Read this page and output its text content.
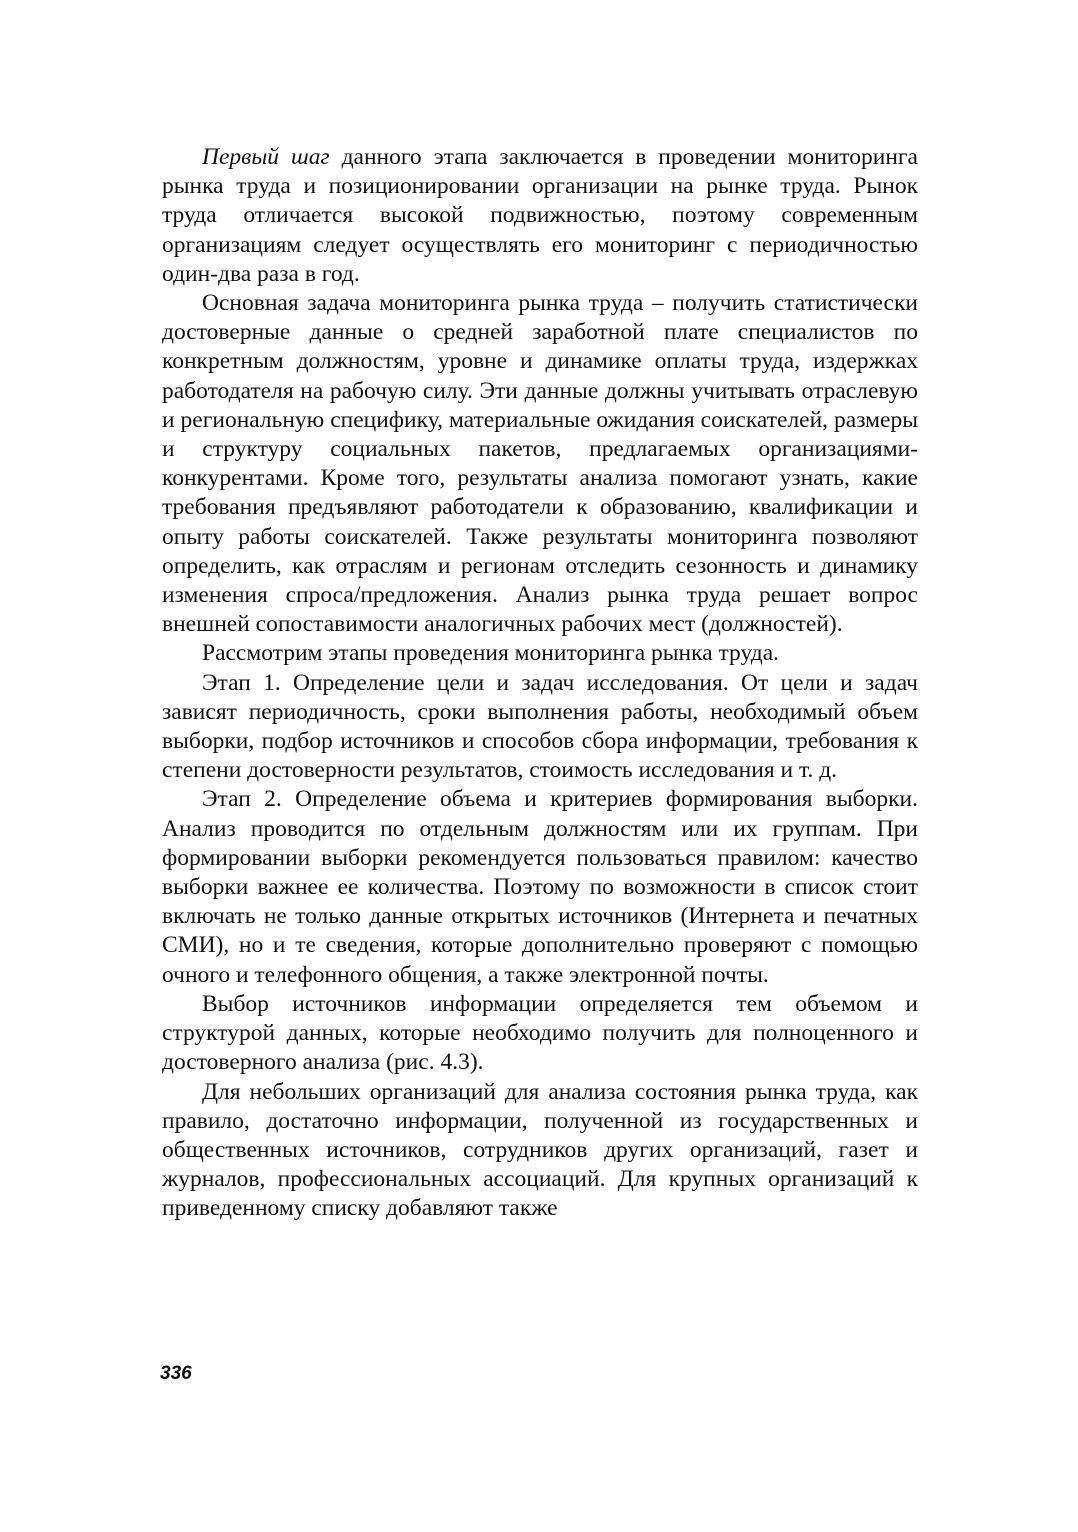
Первый шаг данного этапа заключается в проведении мониторинга рынка труда и позиционировании организации на рынке труда. Рынок труда отличается высокой подвижностью, поэтому современным организациям следует осуществлять его мониторинг с периодичностью один-два раза в год.

Основная задача мониторинга рынка труда – получить статистически достоверные данные о средней заработной плате специалистов по конкретным должностям, уровне и динамике оплаты труда, издержках работодателя на рабочую силу. Эти данные должны учитывать отраслевую и региональную специфику, материальные ожидания соискателей, размеры и структуру социальных пакетов, предлагаемых организациями-конкурентами. Кроме того, результаты анализа помогают узнать, какие требования предъявляют работодатели к образованию, квалификации и опыту работы соискателей. Также результаты мониторинга позволяют определить, как отраслям и регионам отследить сезонность и динамику изменения спроса/предложения. Анализ рынка труда решает вопрос внешней сопоставимости аналогичных рабочих мест (должностей).

Рассмотрим этапы проведения мониторинга рынка труда.

Этап 1. Определение цели и задач исследования. От цели и задач зависят периодичность, сроки выполнения работы, необходимый объем выборки, подбор источников и способов сбора информации, требования к степени достоверности результатов, стоимость исследования и т. д.

Этап 2. Определение объема и критериев формирования выборки. Анализ проводится по отдельным должностям или их группам. При формировании выборки рекомендуется пользоваться правилом: качество выборки важнее ее количества. Поэтому по возможности в список стоит включать не только данные открытых источников (Интернета и печатных СМИ), но и те сведения, которые дополнительно проверяют с помощью очного и телефонного общения, а также электронной почты.

Выбор источников информации определяется тем объемом и структурой данных, которые необходимо получить для полноценного и достоверного анализа (рис. 4.3).

Для небольших организаций для анализа состояния рынка труда, как правило, достаточно информации, полученной из государственных и общественных источников, сотрудников других организаций, газет и журналов, профессиональных ассоциаций. Для крупных организаций к приведенному списку добавляют также

336
